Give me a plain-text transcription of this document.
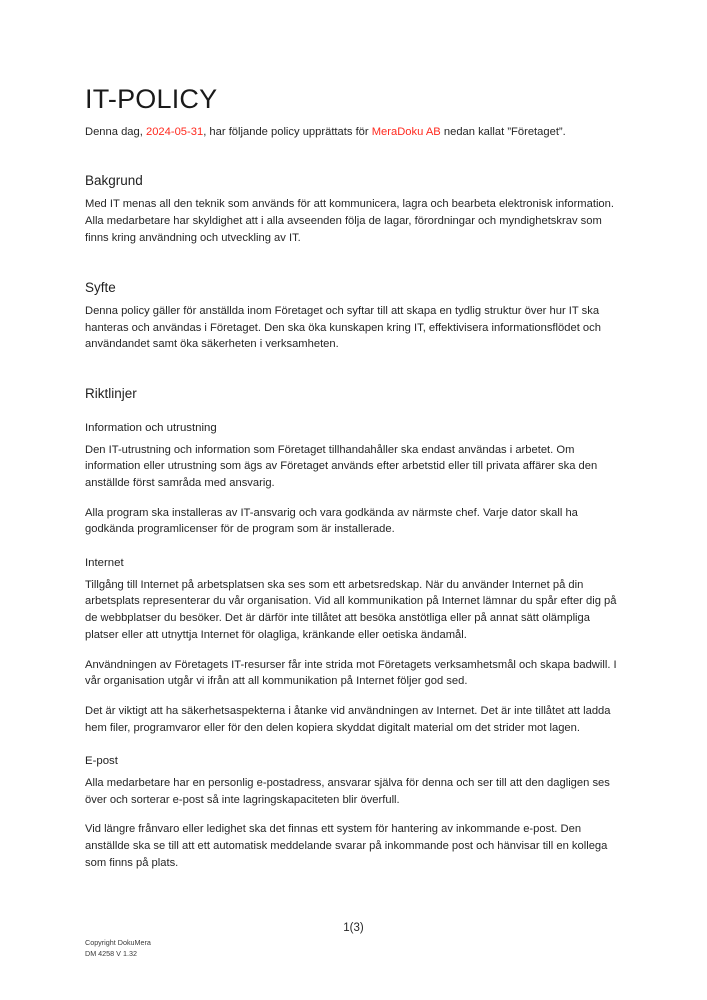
IT-POLICY

Denna dag, 2024-05-31, har följande policy upprättats för MeraDoku AB nedan kallat ”Företaget”.

Bakgrund

Med IT menas all den teknik som används för att kommunicera, lagra och bearbeta elektronisk information. Alla medarbetare har skyldighet att i alla avseenden följa de lagar, förordningar och myndighetskrav som finns kring användning och utveckling av IT.

Syfte

Denna policy gäller för anställda inom Företaget och syftar till att skapa en tydlig struktur över hur IT ska hanteras och användas i Företaget. Den ska öka kunskapen kring IT, effektivisera informationsflödet och användandet samt öka säkerheten i verksamheten.

Riktlinjer
Information och utrustning

Den IT-utrustning och information som Företaget tillhandahåller ska endast användas i arbetet. Om information eller utrustning som ägs av Företaget används efter arbetstid eller till privata affärer ska den anställde först samråda med ansvarig.

Alla program ska installeras av IT-ansvarig och vara godkända av närmste chef. Varje dator skall ha godkända programlicenser för de program som är installerade.

Internet

Tillgång till Internet på arbetsplatsen ska ses som ett arbetsredskap. När du använder Internet på din arbetsplats representerar du vår organisation. Vid all kommunikation på Internet lämnar du spår efter dig på de webbplatser du besöker. Det är därför inte tillåtet att besöka anstötliga eller på annat sätt olämpliga platser eller att utnyttja Internet för olagliga, kränkande eller oetiska ändamål.

Användningen av Företagets IT-resurser får inte strida mot Företagets verksamhetsmål och skapa badwill. I vår organisation utgår vi ifrån att all kommunikation på Internet följer god sed.

Det är viktigt att ha säkerhetsaspekterna i åtanke vid användningen av Internet. Det är inte tillåtet att ladda hem filer, programvaror eller för den delen kopiera skyddat digitalt material om det strider mot lagen.

E-post

Alla medarbetare har en personlig e-postadress, ansvarar själva för denna och ser till att den dagligen ses över och sorterar e-post så inte lagringskapaciteten blir överfull.

Vid längre frånvaro eller ledighet ska det finnas ett system för hantering av inkommande e-post. Den anställde ska se till att ett automatisk meddelande svarar på inkommande post och hänvisar till en kollega som finns på plats.

1(3)
Copyright DokuMera
DM 4258 V 1.32
